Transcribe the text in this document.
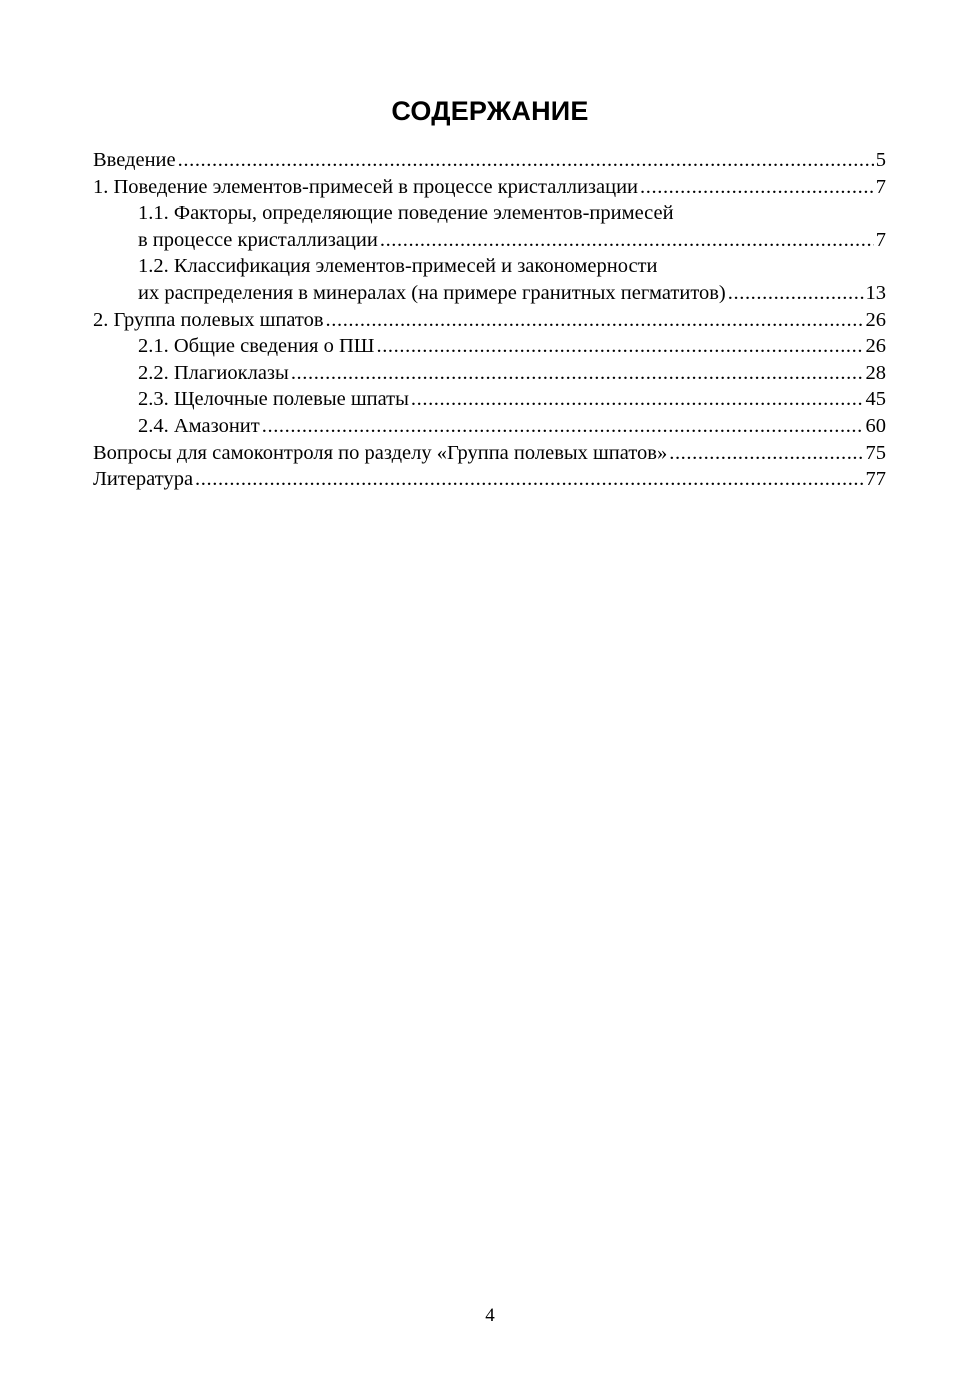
СОДЕРЖАНИЕ
Введение .....	5
1. Поведение элементов-примесей в процессе кристаллизации .....	7
1.1. Факторы, определяющие поведение элементов-примесей
в процессе кристаллизации .....	7
1.2. Классификация элементов-примесей и закономерности
их распределения в минералах (на примере гранитных пегматитов) .....	13
2. Группа полевых шпатов .....	26
2.1. Общие сведения о ПШ .....	26
2.2. Плагиоклазы .....	28
2.3. Щелочные полевые шпаты .....	45
2.4. Амазонит .....	60
Вопросы для самоконтроля по разделу «Группа полевых шпатов» .....	75
Литература .....	77
4
